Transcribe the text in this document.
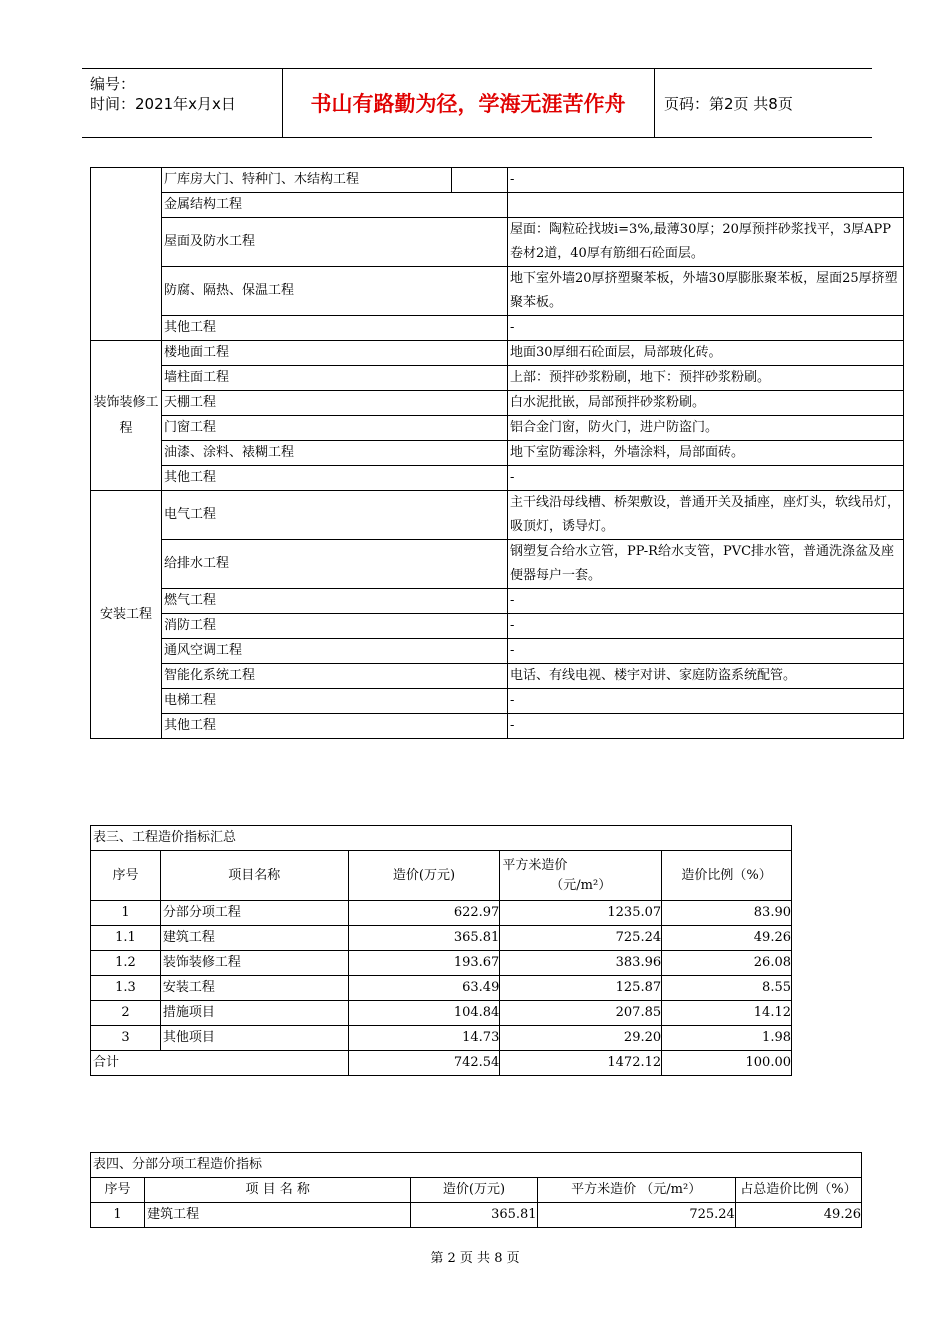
编号：
时间：2021年x月x日	书山有路勤为径，学海无涯苦作舟	页码：第2页 共8页
	厂库房大门、特种门、木结构工程		-
	金属结构工程		
	屋面及防水工程		屋面：陶粒砼找坡i=3%,最薄30厚；20厚预拌砂浆找平，3厚APP卷材2道，40厚有筋细石砼面层。
	防腐、隔热、保温工程		地下室外墙20厚挤塑聚苯板，外墙30厚膨胀聚苯板，屋面25厚挤塑聚苯板。
	其他工程		-
装饰装修工程	楼地面工程		地面30厚细石砼面层，局部玻化砖。
	墙柱面工程		上部：预拌砂浆粉刷，地下：预拌砂浆粉刷。
	天棚工程		白水泥批嵌，局部预拌砂浆粉刷。
	门窗工程		铝合金门窗，防火门，进户防盗门。
	油漆、涂料、裱糊工程		地下室防霉涂料，外墙涂料，局部面砖。
	其他工程		-
安装工程	电气工程		主干线沿母线槽、桥架敷设，普通开关及插座，座灯头，软线吊灯，吸顶灯，诱导灯。
	给排水工程		钢塑复合给水立管，PP-R给水支管，PVC排水管，普通洗涤盆及座便器每户一套。
	燃气工程		-
	消防工程		-
	通风空调工程		-
	智能化系统工程		电话、有线电视、楼宇对讲、家庭防盗系统配管。
	电梯工程		-
	其他工程		-
表三、工程造价指标汇总				
序号	项目名称	造价(万元)	平方米造价
（元/m²）	造价比例（%）
1	分部分项工程	622.97	1235.07	83.90
1.1	建筑工程	365.81	725.24	49.26
1.2	装饰装修工程	193.67	383.96	26.08
1.3	安装工程	63.49	125.87	8.55
2	措施项目	104.84	207.85	14.12
3	其他项目	14.73	29.20	1.98
合计		742.54	1472.12	100.00
表四、分部分项工程造价指标				
序号	项 目 名 称	造价(万元)	平方米造价 （元/m²）	占总造价比例（%）
1	建筑工程	365.81	725.24	49.26
第 2 页 共 8 页
